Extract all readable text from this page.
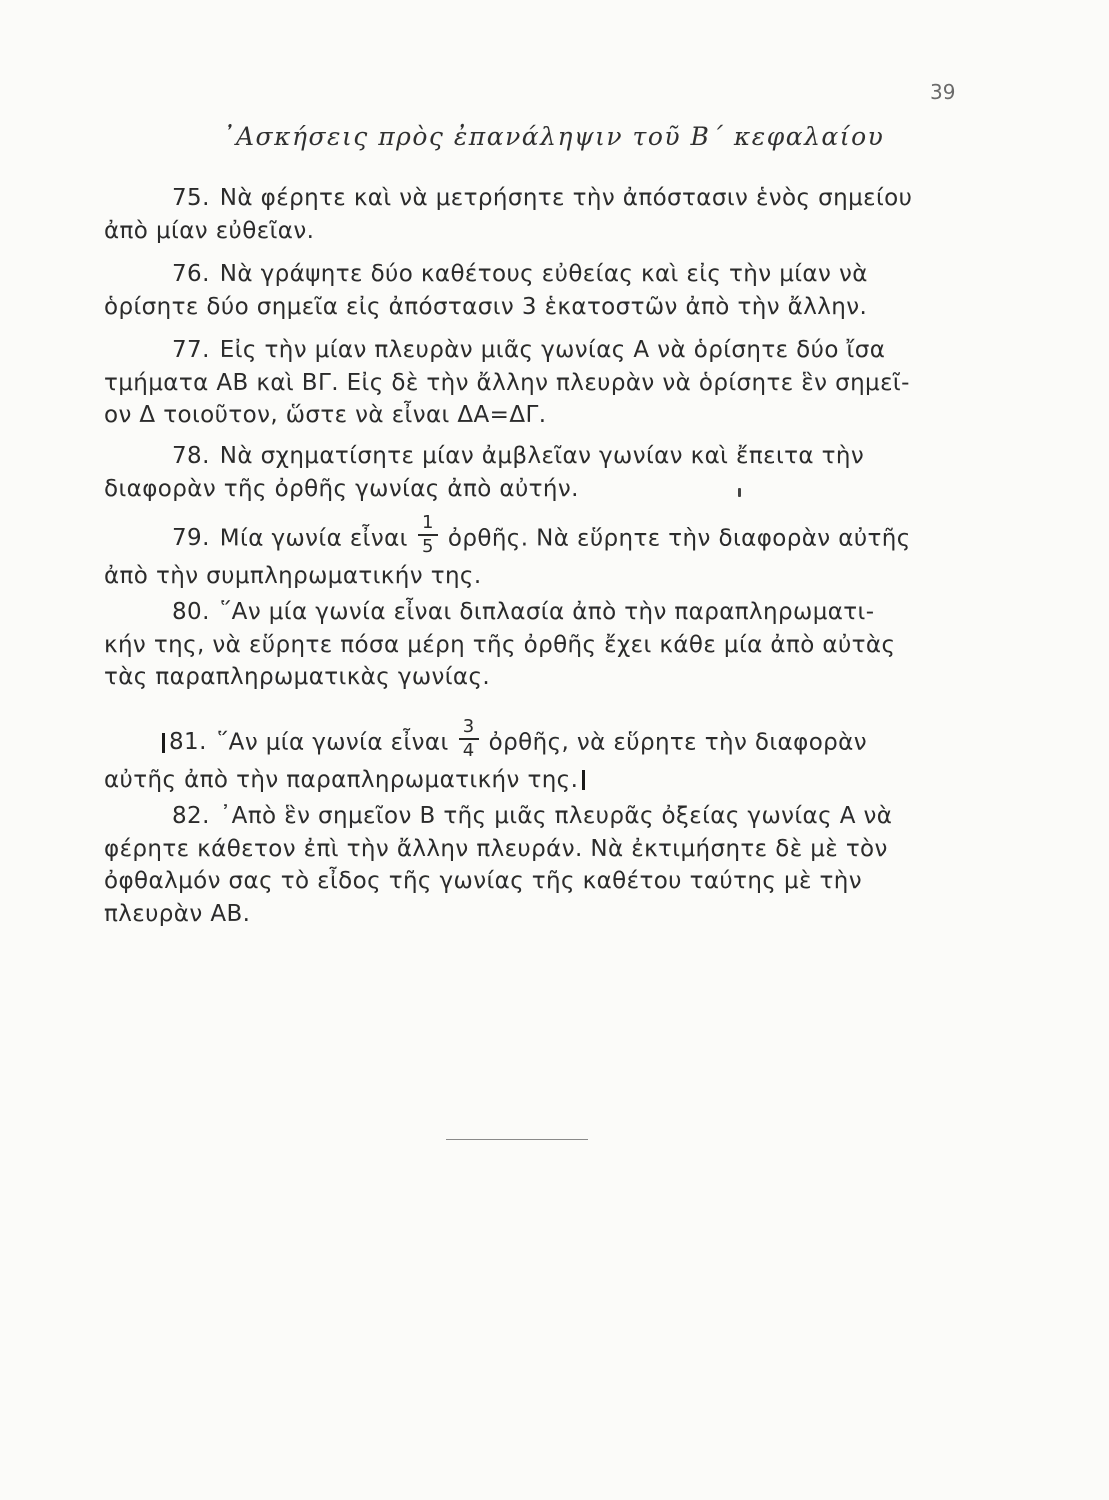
39
᾿Ασκήσεις πρὸς ἐπανάληψιν τοῦ Β΄ κεφαλαίου
75. Νὰ φέρητε καὶ νὰ μετρήσητε τὴν ἀπόστασιν ἑνὸς σημείου
ἀπὸ μίαν εὐθεῖαν.
76. Νὰ γράψητε δύο καθέτους εὐθείας καὶ εἰς τὴν μίαν νὰ
ὁρίσητε δύο σημεῖα εἰς ἀπόστασιν 3 ἑκατοστῶν ἀπὸ τὴν ἄλλην.
77. Εἰς τὴν μίαν πλευρὰν μιᾶς γωνίας Α νὰ ὁρίσητε δύο ἴσα
τμήματα ΑΒ καὶ ΒΓ. Εἰς δὲ τὴν ἄλλην πλευρὰν νὰ ὁρίσητε ἓν σημεῖ-
ον Δ τοιοῦτον, ὥστε νὰ εἶναι ΔΑ=ΔΓ.
78. Νὰ σχηματίσητε μίαν ἀμβλεῖαν γωνίαν καὶ ἔπειτα τὴν
διαφορὰν τῆς ὀρθῆς γωνίας ἀπὸ αὐτήν.
79. Μία γωνία εἶναι $\frac{1}{5}$ ὀρθῆς. Νὰ εὕρητε τὴν διαφορὰν αὐτῆς
ἀπὸ τὴν συμπληρωματικήν της.
80. ῞Αν μία γωνία εἶναι διπλασία ἀπὸ τὴν παραπληρωματι-
κήν της, νὰ εὕρητε πόσα μέρη τῆς ὀρθῆς ἔχει κάθε μία ἀπὸ αὐτὰς
τὰς παραπληρωματικὰς γωνίας.
81. ῞Αν μία γωνία εἶναι $\frac{3}{4}$ ὀρθῆς, νὰ εὕρητε τὴν διαφορὰν
αὐτῆς ἀπὸ τὴν παραπληρωματικήν της.
82. ᾿Απὸ ἓν σημεῖον Β τῆς μιᾶς πλευρᾶς ὀξείας γωνίας Α νὰ
φέρητε κάθετον ἐπὶ τὴν ἄλλην πλευράν. Νὰ ἐκτιμήσητε δὲ μὲ τὸν
ὀφθαλμόν σας τὸ εἶδος τῆς γωνίας τῆς καθέτου ταύτης μὲ τὴν
πλευρὰν ΑΒ.
